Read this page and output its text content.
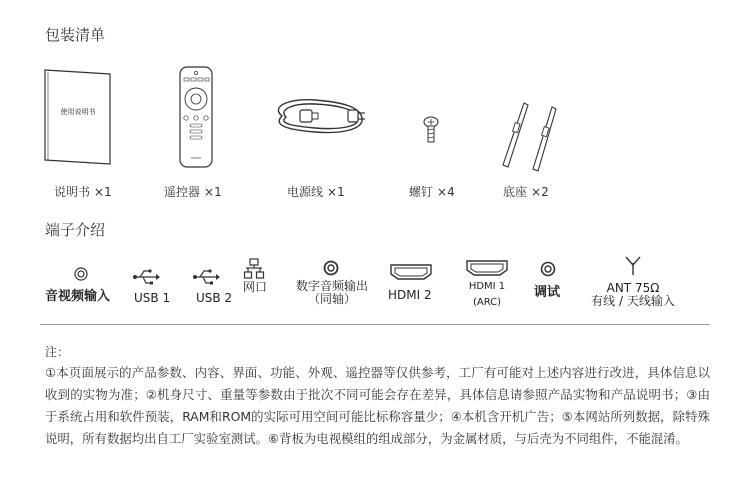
包装清单
使用说明书
说明书 ×1	遥控器 ×1	电源线 ×1	螺钉 ×4	底座 ×2
端子介绍
音视频输入 USB 1 USB 2
网口 数字音频输出
（同轴）	HDMI 2
HDMI 1
(ARC)
调试	ANT 75Ω
有线 / 天线输入
注：
①本页面展示的产品参数、内容、界面、功能、外观、遥控器等仅供参考，工厂有可能对上述内容进行改进，具体信息以收到的实物为准；②机身尺寸、重量等参数由于批次不同可能会存在差异，具体信息请参照产品实物和产品说明书；③由于系统占用和软件预装，RAM和ROM的实际可用空间可能比标称容量少；④本机含开机广告；⑤本网站所列数据，除特殊说明，所有数据均出自工厂实验室测试。⑥背板为电视模组的组成部分，为金属材质，与后壳为不同组件，不能混淆。
